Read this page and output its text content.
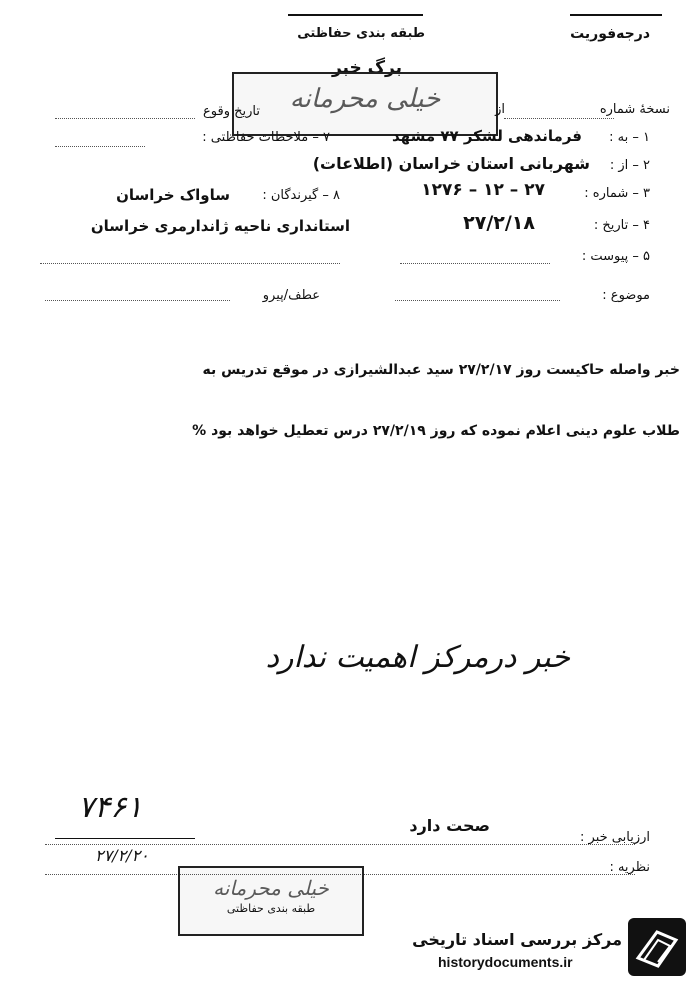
درجه‌فوریت
طبقه بندی حفاظتی
برگ خبر
خیلی محرمانه	نسخهٔ شماره
از
تاریخ وقوع
۱ – به :
فرماندهی لشکر ۷۷ مشهد
۷ – ملاحظات حفاظتی :
۲ – از :
شهربانی استان خراسان (اطلاعات)
۳ – شماره :
۲۷ – ۱۲ – ۱۲۷۶
۸ – گیرندگان :
ساواک خراسان
۴ – تاریخ :
۲۷/۲/۱۸
استانداری ناحیه ژاندارمری خراسان
۵ – پیوست :
موضوع :
عطف/پیرو
خبر واصله حاکیست روز ۲۷/۲/۱۷ سید عبدالشیرازی در موقع تدریس به
طلاب علوم دینی اعلام نموده که روز ۲۷/۲/۱۹ درس تعطیل خواهد بود %
خبر درمرکز اهمیت ندارد
۷۴۶۱
۲۷/۲/۲۰
صحت دارد
ارزیابی خبر :
نظریه :
خیلی محرمانه
طبقه بندی حفاظتی
مرکز بررسی اسناد تاریخی
historydocuments.ir
